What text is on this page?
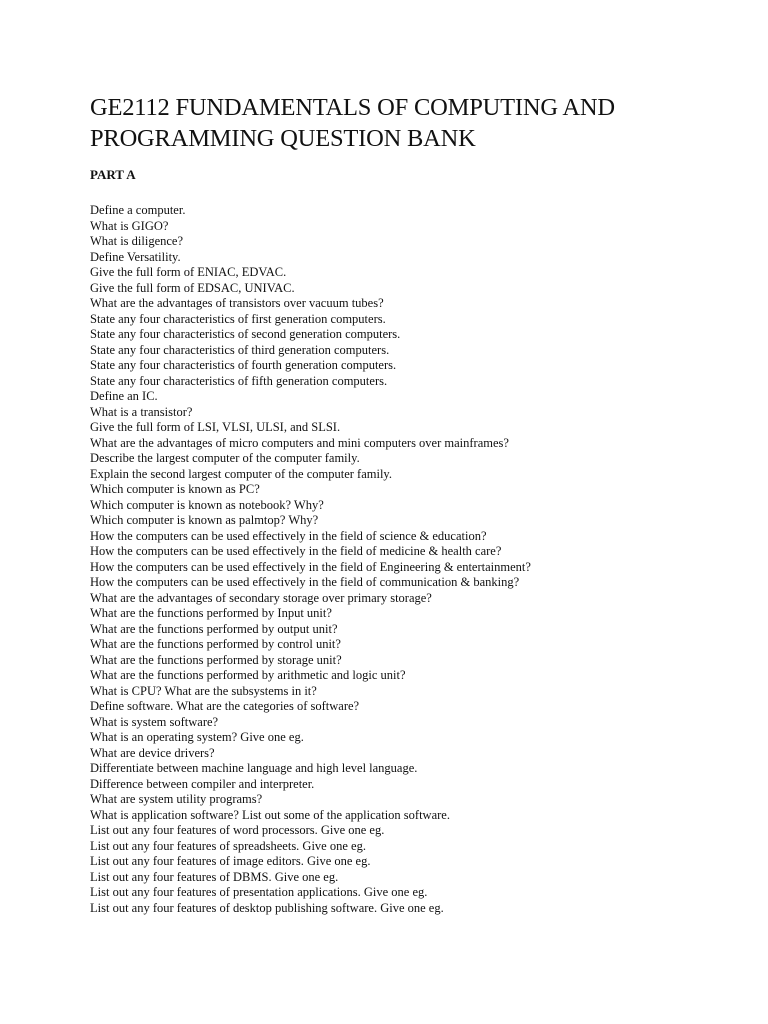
GE2112 FUNDAMENTALS OF COMPUTING AND PROGRAMMING QUESTION BANK
PART A
Define a computer.
What is GIGO?
What is diligence?
Define Versatility.
Give the full form of ENIAC, EDVAC.
Give the full form of EDSAC, UNIVAC.
What are the advantages of transistors over vacuum tubes?
State any four characteristics of first generation computers.
State any four characteristics of second generation computers.
State any four characteristics of third generation computers.
State any four characteristics of fourth generation computers.
State any four characteristics of fifth generation computers.
Define an IC.
What is a transistor?
Give the full form of LSI, VLSI, ULSI, and SLSI.
What are the advantages of micro computers and mini computers over mainframes?
Describe the largest computer of the computer family.
Explain the second largest computer of the computer family.
Which computer is known as PC?
Which computer is known as notebook? Why?
Which computer is known as palmtop? Why?
How the computers can be used effectively in the field of science & education?
How the computers can be used effectively in the field of medicine & health care?
How the computers can be used effectively in the field of Engineering & entertainment?
How the computers can be used effectively in the field of communication & banking?
What are the advantages of secondary storage over primary storage?
What are the functions performed by Input unit?
What are the functions performed by output unit?
What are the functions performed by control unit?
What are the functions performed by storage unit?
What are the functions performed by arithmetic and logic unit?
What is CPU? What are the subsystems in it?
Define software. What are the categories of software?
What is system software?
What is an operating system? Give one eg.
What are device drivers?
Differentiate between machine language and high level language.
Difference between compiler and interpreter.
What are system utility programs?
What is application software? List out some of the application software.
List out any four features of word processors. Give one eg.
List out any four features of spreadsheets. Give one eg.
List out any four features of image editors. Give one eg.
List out any four features of DBMS. Give one eg.
List out any four features of presentation applications. Give one eg.
List out any four features of desktop publishing software. Give one eg.
